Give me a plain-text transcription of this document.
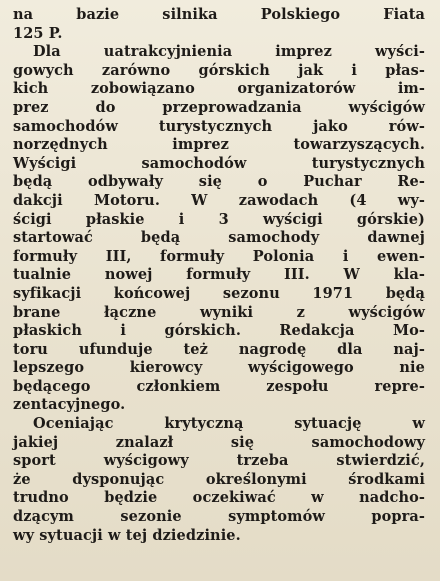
na bazie silnika Polskiego Fiata
125 P.
Dla uatrakcyjnienia imprez wyści-
gowych zarówno górskich jak i płas-
kich zobowiązano organizatorów im-
prez do przeprowadzania wyścigów
samochodów turystycznych jako rów-
norzędnych imprez towarzyszących.
Wyścigi samochodów turystycznych
będą odbywały się o Puchar Re-
dakcji Motoru. W zawodach (4 wy-
ścigi płaskie i 3 wyścigi górskie)
startować będą samochody dawnej
formuły III, formuły Polonia i ewen-
tualnie nowej formuły III. W kla-
syfikacji końcowej sezonu 1971 będą
brane łączne wyniki z wyścigów
płaskich i górskich. Redakcja Mo-
toru ufunduje też nagrodę dla naj-
lepszego kierowcy wyścigowego nie
będącego członkiem zespołu repre-
zentacyjnego.
Oceniając krytyczną sytuację w
jakiej znalazł się samochodowy
sport wyścigowy trzeba stwierdzić,
że dysponując określonymi środkami
trudno będzie oczekiwać w nadcho-
dzącym sezonie symptomów popra-
wy sytuacji w tej dziedzinie.
